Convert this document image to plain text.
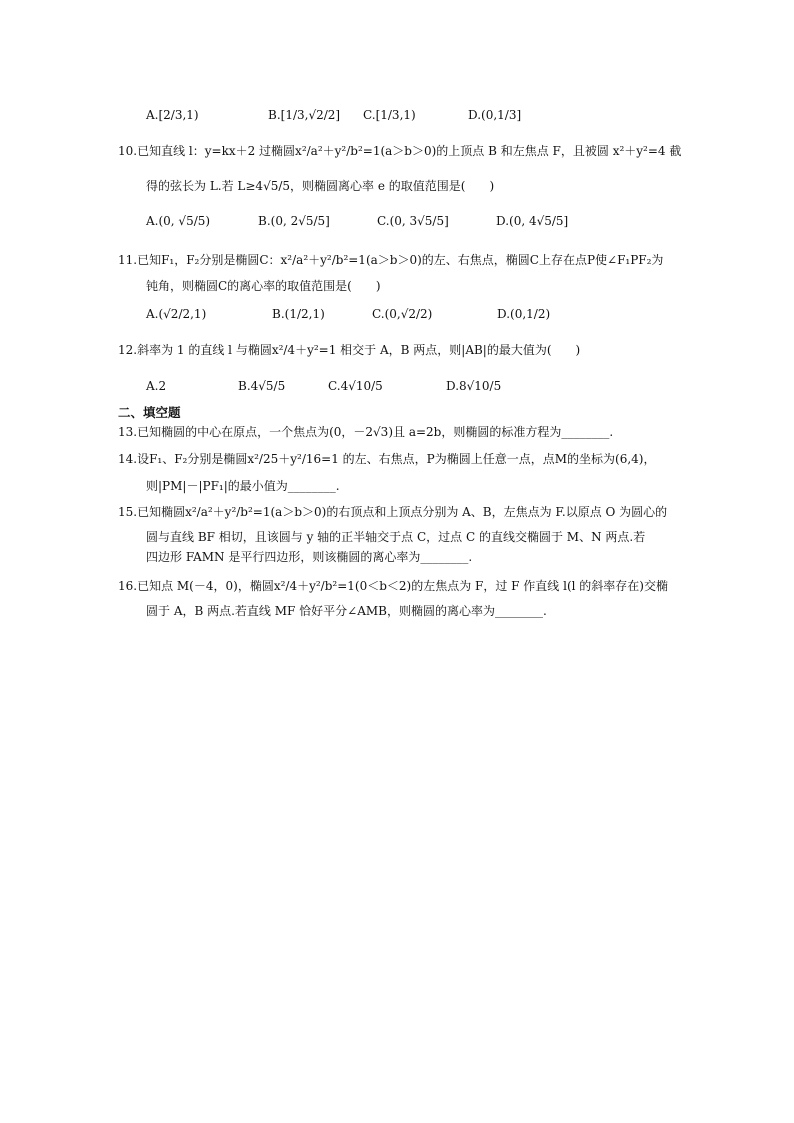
A.[2/3,1)	B.[1/3,√2/2] C.[1/3,1)	D.(0,1/3]
10.已知直线 l：y=kx＋2 过椭圆x²/a²＋y²/b²=1(a＞b＞0)的上顶点 B 和左焦点 F，且被圆 x²＋y²=4 截
得的弦长为 L.若 L≥4√5/5，则椭圆离心率 e 的取值范围是(　　)
A.(0, √5/5)	B.(0, 2√5/5]	C.(0, 3√5/5]	D.(0, 4√5/5]
11.已知F₁，F₂分别是椭圆C：x²/a²＋y²/b²=1(a＞b＞0)的左、右焦点，椭圆C上存在点P使∠F₁PF₂为
钝角，则椭圆C的离心率的取值范围是(　　)
A.(√2/2,1)	B.(1/2,1)	C.(0,√2/2)	D.(0,1/2)
12.斜率为 1 的直线 l 与椭圆x²/4＋y²=1 相交于 A，B 两点，则|AB|的最大值为(　　)
A.2	B.4√5/5	C.4√10/5	D.8√10/5
二、填空题
13.已知椭圆的中心在原点，一个焦点为(0，－2√3)且 a=2b，则椭圆的标准方程为________.
14.设F₁、F₂分别是椭圆x²/25＋y²/16=1 的左、右焦点，P为椭圆上任意一点，点M的坐标为(6,4)，
则|PM|－|PF₁|的最小值为________.
15.已知椭圆x²/a²＋y²/b²=1(a＞b＞0)的右顶点和上顶点分别为 A、B，左焦点为 F.以原点 O 为圆心的
圆与直线 BF 相切，且该圆与 y 轴的正半轴交于点 C，过点 C 的直线交椭圆于 M、N 两点.若
四边形 FAMN 是平行四边形，则该椭圆的离心率为________.
16.已知点 M(－4，0)，椭圆x²/4＋y²/b²=1(0＜b＜2)的左焦点为 F，过 F 作直线 l(l 的斜率存在)交椭
圆于 A，B 两点.若直线 MF 恰好平分∠AMB，则椭圆的离心率为________.
